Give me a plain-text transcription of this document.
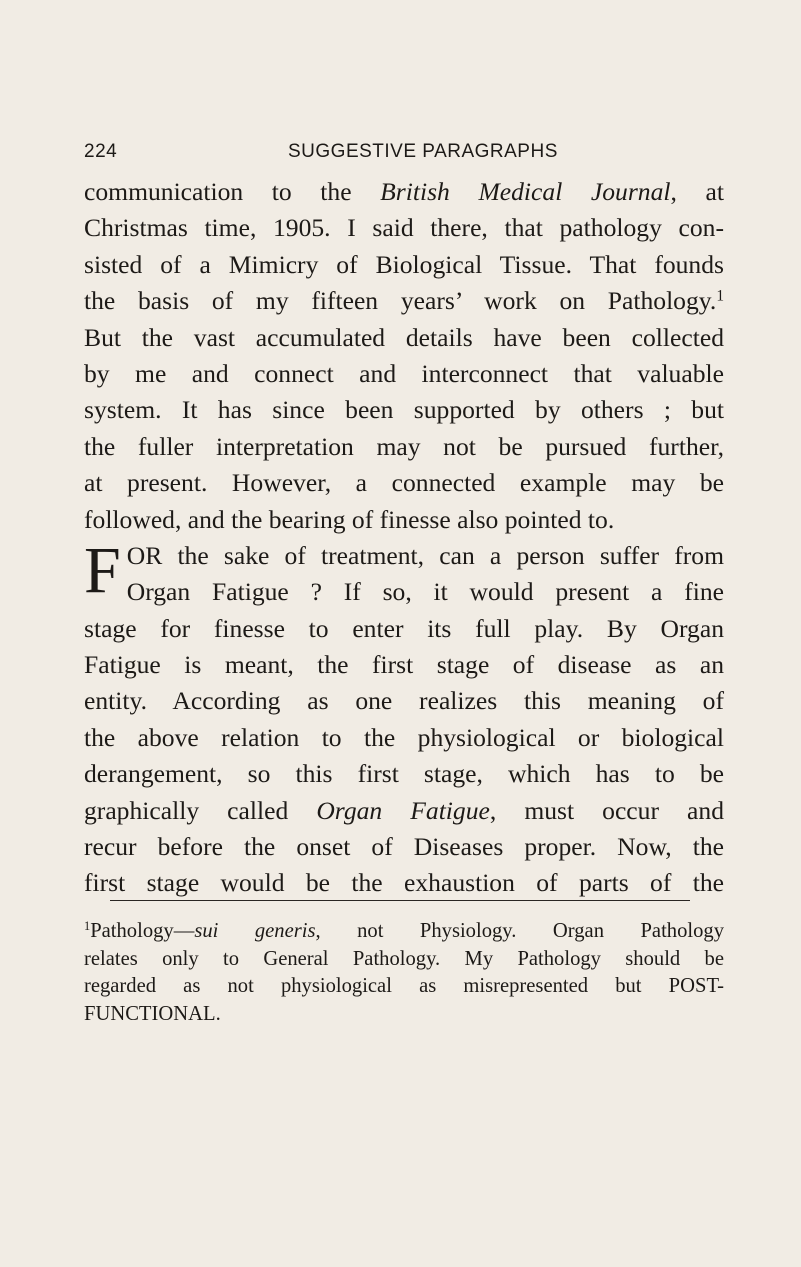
224	SUGGESTIVE PARAGRAPHS
communication to the British Medical Journal, at
Christmas time, 1905. I said there, that pathology con-
sisted of a Mimicry of Biological Tissue. That founds
the basis of my fifteen years’ work on Pathology.$^1$
But the vast accumulated details have been collected
by me and connect and interconnect that valuable
system. It has since been supported by others ; but
the fuller interpretation may not be pursued further,
at present. However, a connected example may be
followed, and the bearing of finesse also pointed to.
F OR the sake of treatment, can a person suffer from
Organ Fatigue ? If so, it would present a fine
stage for finesse to enter its full play. By Organ
Fatigue is meant, the first stage of disease as an
entity. According as one realizes this meaning of
the above relation to the physiological or biological
derangement, so this first stage, which has to be
graphically called Organ Fatigue, must occur and
recur before the onset of Diseases proper. Now, the
first stage would be the exhaustion of parts of the
$^1$Pathology—sui generis, not Physiology. Organ Pathology
relates only to General Pathology. My Pathology should be
regarded as not physiological as misrepresented but POST-
FUNCTIONAL.
